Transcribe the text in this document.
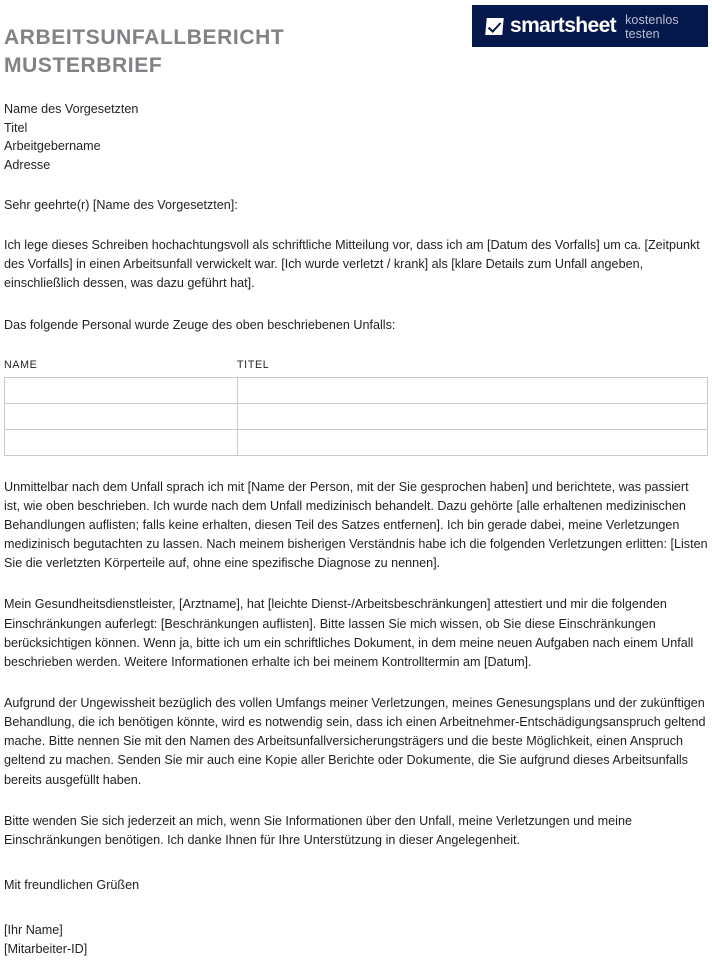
ARBEITSUNFALLBERICHT
MUSTERBRIEF
smartsheet kostenlos testen
Name des Vorgesetzten
Titel
Arbeitgebername
Adresse
Sehr geehrte(r) [Name des Vorgesetzten]:
Ich lege dieses Schreiben hochachtungsvoll als schriftliche Mitteilung vor, dass ich am [Datum des Vorfalls] um ca. [Zeitpunkt des Vorfalls] in einen Arbeitsunfall verwickelt war. [Ich wurde verletzt / krank] als [klare Details zum Unfall angeben, einschließlich dessen, was dazu geführt hat].
Das folgende Personal wurde Zeuge des oben beschriebenen Unfalls:
NAME	TITEL

Unmittelbar nach dem Unfall sprach ich mit [Name der Person, mit der Sie gesprochen haben] und berichtete, was passiert ist, wie oben beschrieben. Ich wurde nach dem Unfall medizinisch behandelt. Dazu gehörte [alle erhaltenen medizinischen Behandlungen auflisten; falls keine erhalten, diesen Teil des Satzes entfernen]. Ich bin gerade dabei, meine Verletzungen medizinisch begutachten zu lassen. Nach meinem bisherigen Verständnis habe ich die folgenden Verletzungen erlitten: [Listen Sie die verletzten Körperteile auf, ohne eine spezifische Diagnose zu nennen].
Mein Gesundheitsdienstleister, [Arztname], hat [leichte Dienst-/Arbeitsbeschränkungen] attestiert und mir die folgenden Einschränkungen auferlegt: [Beschränkungen auflisten]. Bitte lassen Sie mich wissen, ob Sie diese Einschränkungen berücksichtigen können. Wenn ja, bitte ich um ein schriftliches Dokument, in dem meine neuen Aufgaben nach einem Unfall beschrieben werden. Weitere Informationen erhalte ich bei meinem Kontrolltermin am [Datum].
Aufgrund der Ungewissheit bezüglich des vollen Umfangs meiner Verletzungen, meines Genesungsplans und der zukünftigen Behandlung, die ich benötigen könnte, wird es notwendig sein, dass ich einen Arbeitnehmer-Entschädigungsanspruch geltend mache. Bitte nennen Sie mit den Namen des Arbeitsunfallversicherungsträgers und die beste Möglichkeit, einen Anspruch geltend zu machen. Senden Sie mir auch eine Kopie aller Berichte oder Dokumente, die Sie aufgrund dieses Arbeitsunfalls bereits ausgefüllt haben.
Bitte wenden Sie sich jederzeit an mich, wenn Sie Informationen über den Unfall, meine Verletzungen und meine Einschränkungen benötigen. Ich danke Ihnen für Ihre Unterstützung in dieser Angelegenheit.
Mit freundlichen Grüßen
[Ihr Name]
[Mitarbeiter-ID]
